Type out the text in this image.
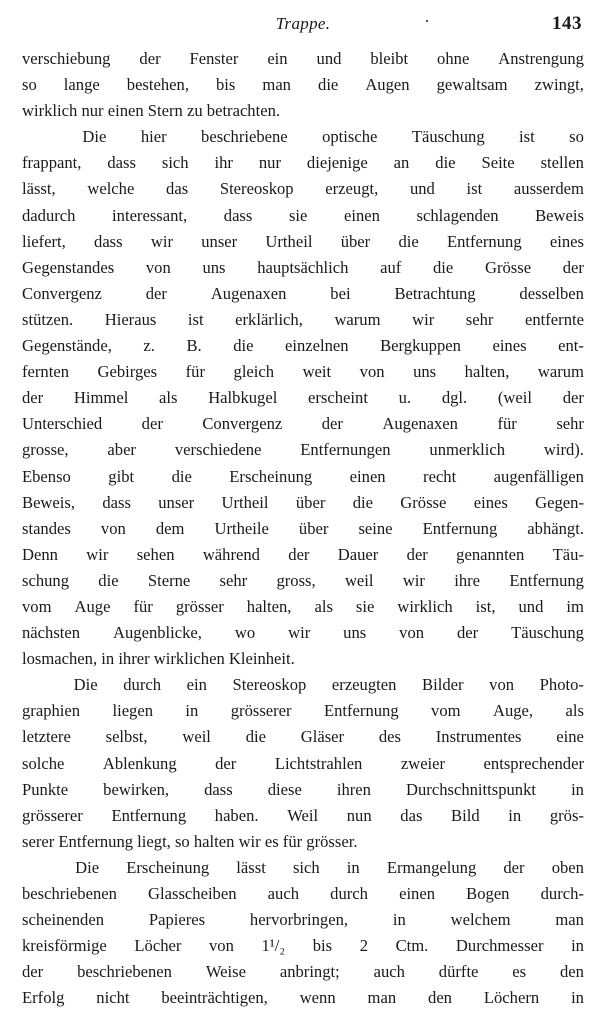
Trappe.	143

verschiebung der Fenster ein und bleibt ohne Anstrengung
so lange bestehen, bis man die Augen gewaltsam zwingt,
wirklich nur einen Stern zu betrachten.

Die hier beschriebene optische Täuschung ist so
frappant, dass sich ihr nur diejenige an die Seite stellen
lässt, welche das Stereoskop erzeugt, und ist ausserdem
dadurch interessant, dass sie einen schlagenden Beweis
liefert, dass wir unser Urtheil über die Entfernung eines
Gegenstandes von uns hauptsächlich auf die Grösse der
Convergenz	der	Augenaxen	bei	Betrachtung	desselben
stützen. Hieraus ist erklärlich, warum wir sehr entfernte
Gegenstände, z. B. die einzelnen Bergkuppen eines ent-
fernten Gebirges für gleich weit von uns halten, warum
der Himmel als Halbkugel erscheint u. dgl. (weil der
Unterschied der Convergenz der Augenaxen für sehr
grosse, aber verschiedene Entfernungen unmerklich wird).
Ebenso gibt die Erscheinung einen recht augenfälligen
Beweis, dass unser Urtheil über die Grösse eines Gegen-
standes von dem Urtheile über seine Entfernung abhängt.
Denn wir sehen während der Dauer der genannten Täu-
schung die Sterne sehr gross, weil wir ihre Entfernung
vom Auge für grösser halten, als sie wirklich ist, und im
nächsten Augenblicke, wo wir uns von der Täuschung
losmachen, in ihrer wirklichen Kleinheit.

Die durch ein Stereoskop erzeugten Bilder von Photo-
graphien liegen in grösserer Entfernung vom Auge, als
letztere selbst, weil die Gläser des Instrumentes eine
solche Ablenkung der Lichtstrahlen zweier entsprechender
Punkte bewirken, dass diese ihren Durchschnittspunkt in
grösserer Entfernung haben. Weil nun das Bild in grös-
serer Entfernung liegt, so halten wir es für grösser.

Die Erscheinung lässt sich in Ermangelung der oben
beschriebenen Glasscheiben auch durch einen Bogen durch-
scheinenden	Papieres	hervorbringen,	in	welchem	man
kreisförmige Löcher von 1¹/₂ bis 2 Ctm. Durchmesser in
der beschriebenen Weise anbringt; auch dürfte es den
Erfolg nicht beeinträchtigen, wenn man den Löchern in
